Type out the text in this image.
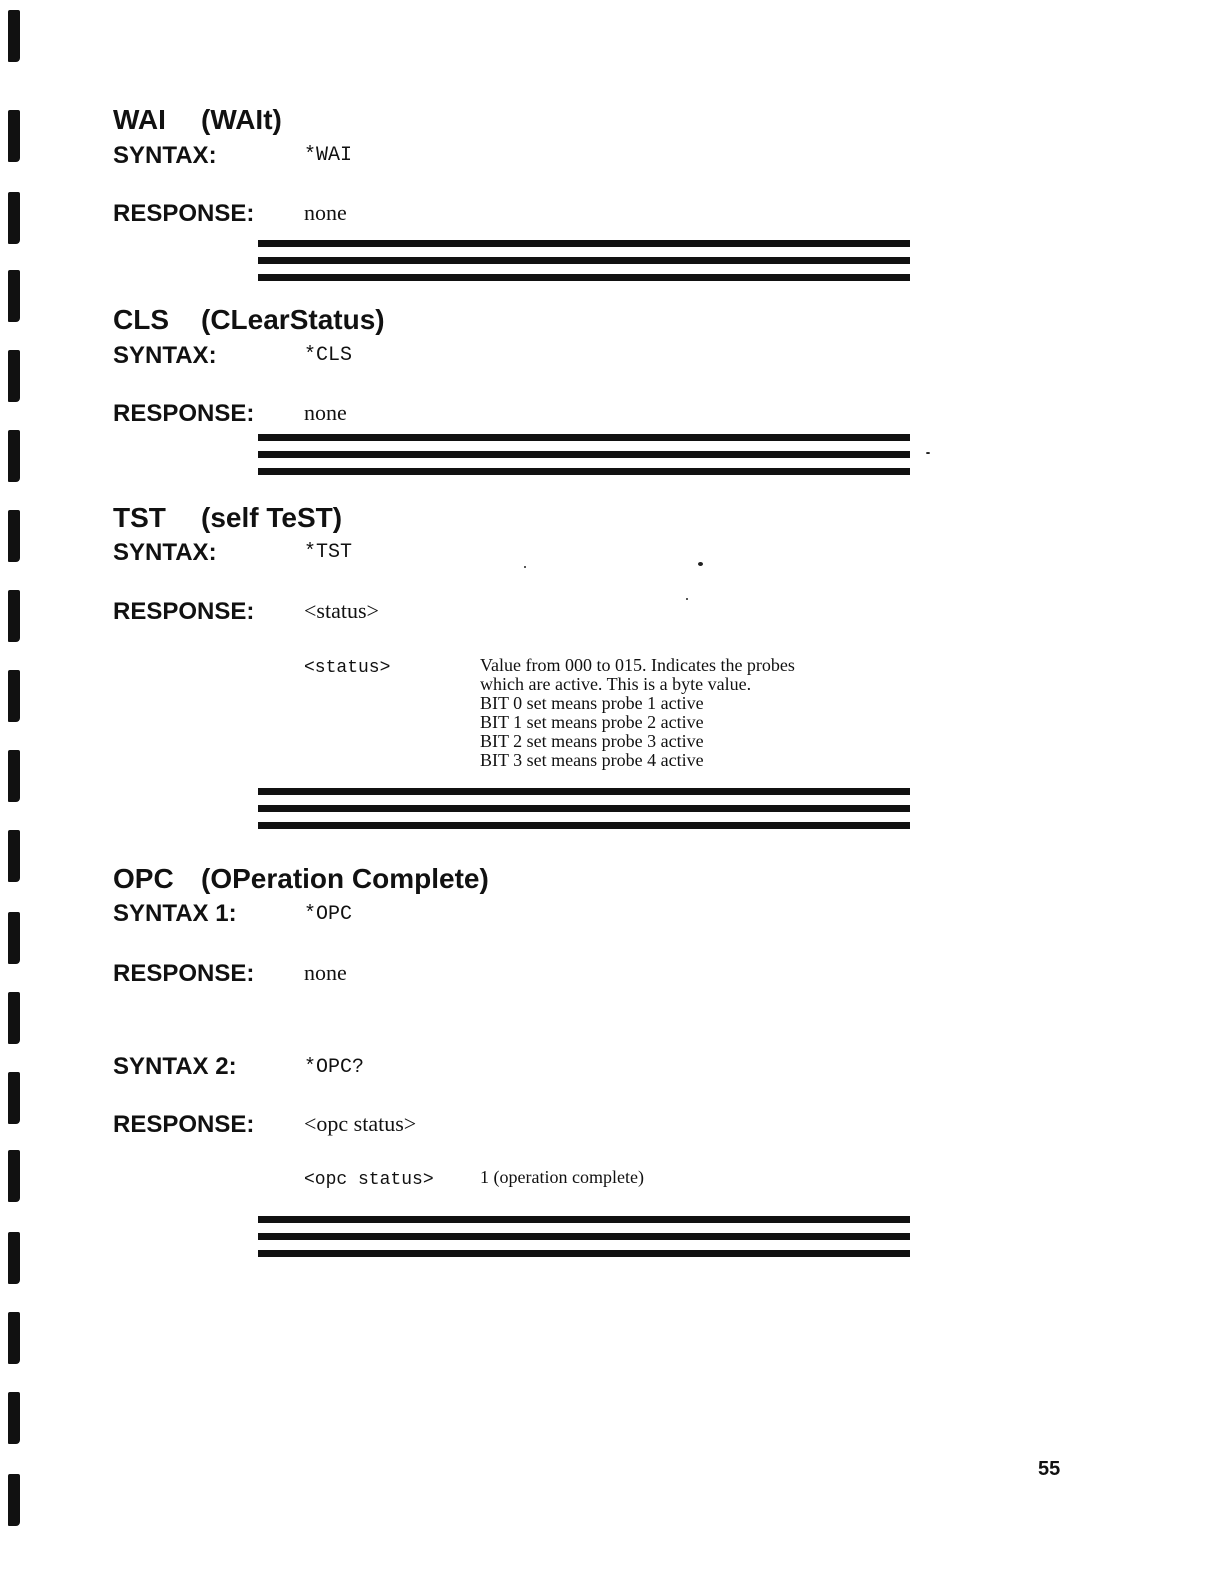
WAI (WAIt)
SYNTAX:	*WAI
RESPONSE: none
CLS (CLearStatus)
SYNTAX:	*CLS
RESPONSE: none
TST (self TeST)
SYNTAX:	*TST
RESPONSE: <status>
<status>	Value from 000 to 015. Indicates the probes
which are active. This is a byte value.
BIT 0 set means probe 1 active
BIT 1 set means probe 2 active
BIT 2 set means probe 3 active
BIT 3 set means probe 4 active
OPC (OPeration Complete)
SYNTAX 1:	*OPC
RESPONSE: none
SYNTAX 2:	*OPC?
RESPONSE: <opc status>
<opc status>	1 (operation complete)
55
